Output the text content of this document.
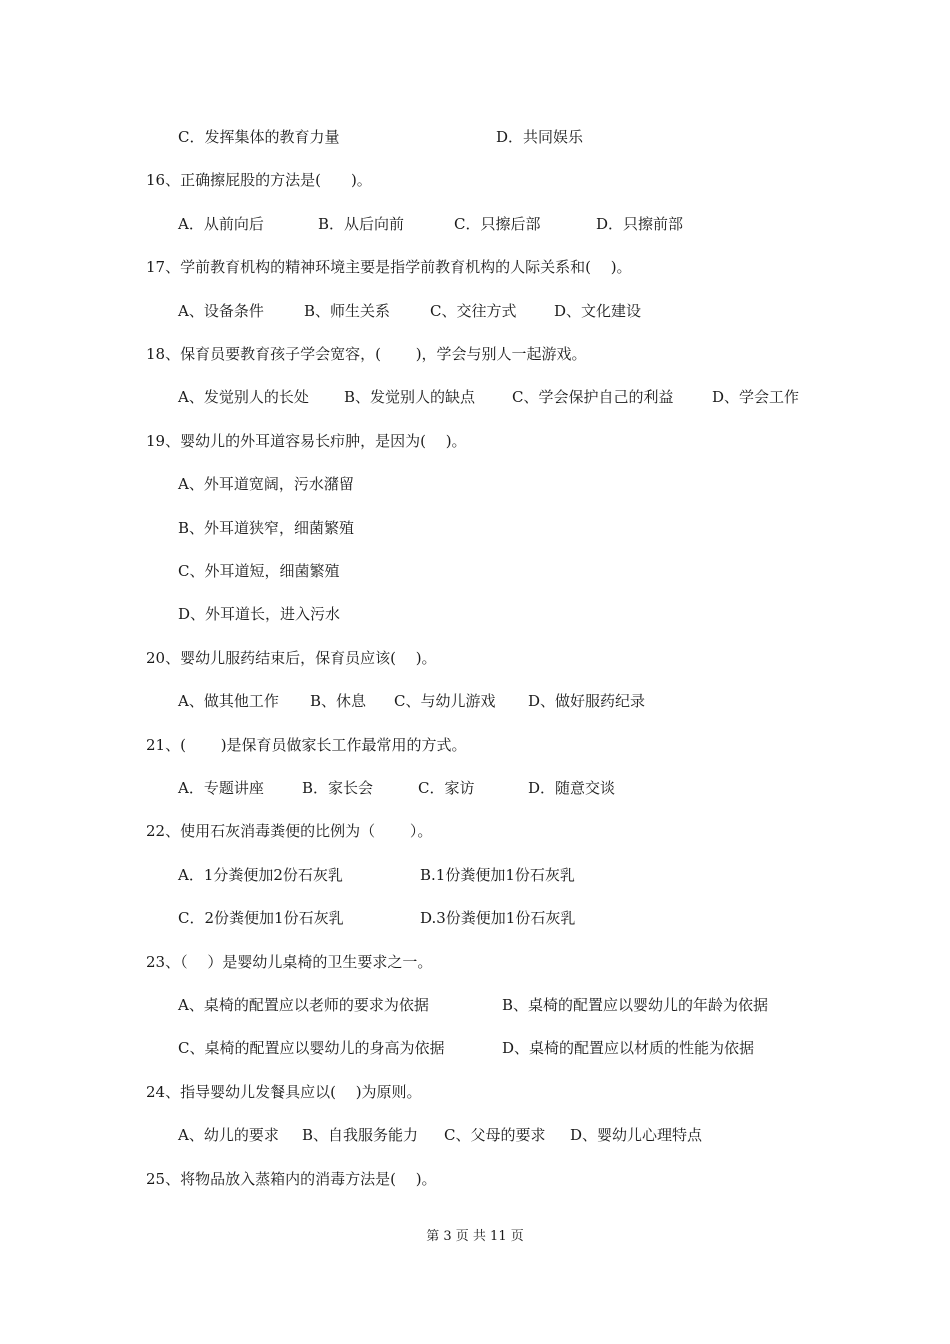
C．发挥集体的教育力量	D．共同娱乐
16、正确擦屁股的方法是(　　)。
A．从前向后	B．从后向前	C．只擦后部	D．只擦前部
17、学前教育机构的精神环境主要是指学前教育机构的人际关系和(　 )。
A、设备条件	B、师生关系	C、交往方式	D、文化建设
18、保育员要教育孩子学会宽容，(　　 )，学会与别人一起游戏。
A、发觉别人的长处 B、发觉别人的缺点 C、学会保护自己的利益	D、学会工作
19、婴幼儿的外耳道容易长疖肿，是因为(　 )。
A、外耳道宽阔，污水潴留
B、外耳道狭窄，细菌繁殖
C、外耳道短，细菌繁殖
D、外耳道长，进入污水
20、婴幼儿服药结束后，保育员应该(　 )。
A、做其他工作 B、休息 C、与幼儿游戏 D、做好服药纪录
21、(　　 )是保育员做家长工作最常用的方式。
A．专题讲座	B．家长会	C．家访	D．随意交谈
22、使用石灰消毒粪便的比例为（　　 ）。
A．1分粪便加2份石灰乳	B.1份粪便加1份石灰乳
C．2份粪便加1份石灰乳	D.3份粪便加1份石灰乳
23、（　 ）是婴幼儿桌椅的卫生要求之一。
A、桌椅的配置应以老师的要求为依据	B、桌椅的配置应以婴幼儿的年龄为依据
C、桌椅的配置应以婴幼儿的身高为依据	D、桌椅的配置应以材质的性能为依据
24、指导婴幼儿发餐具应以(　 )为原则。
A、幼儿的要求 B、自我服务能力 C、父母的要求 D、婴幼儿心理特点
25、将物品放入蒸箱内的消毒方法是(　 )。
第 3 页 共 11 页
